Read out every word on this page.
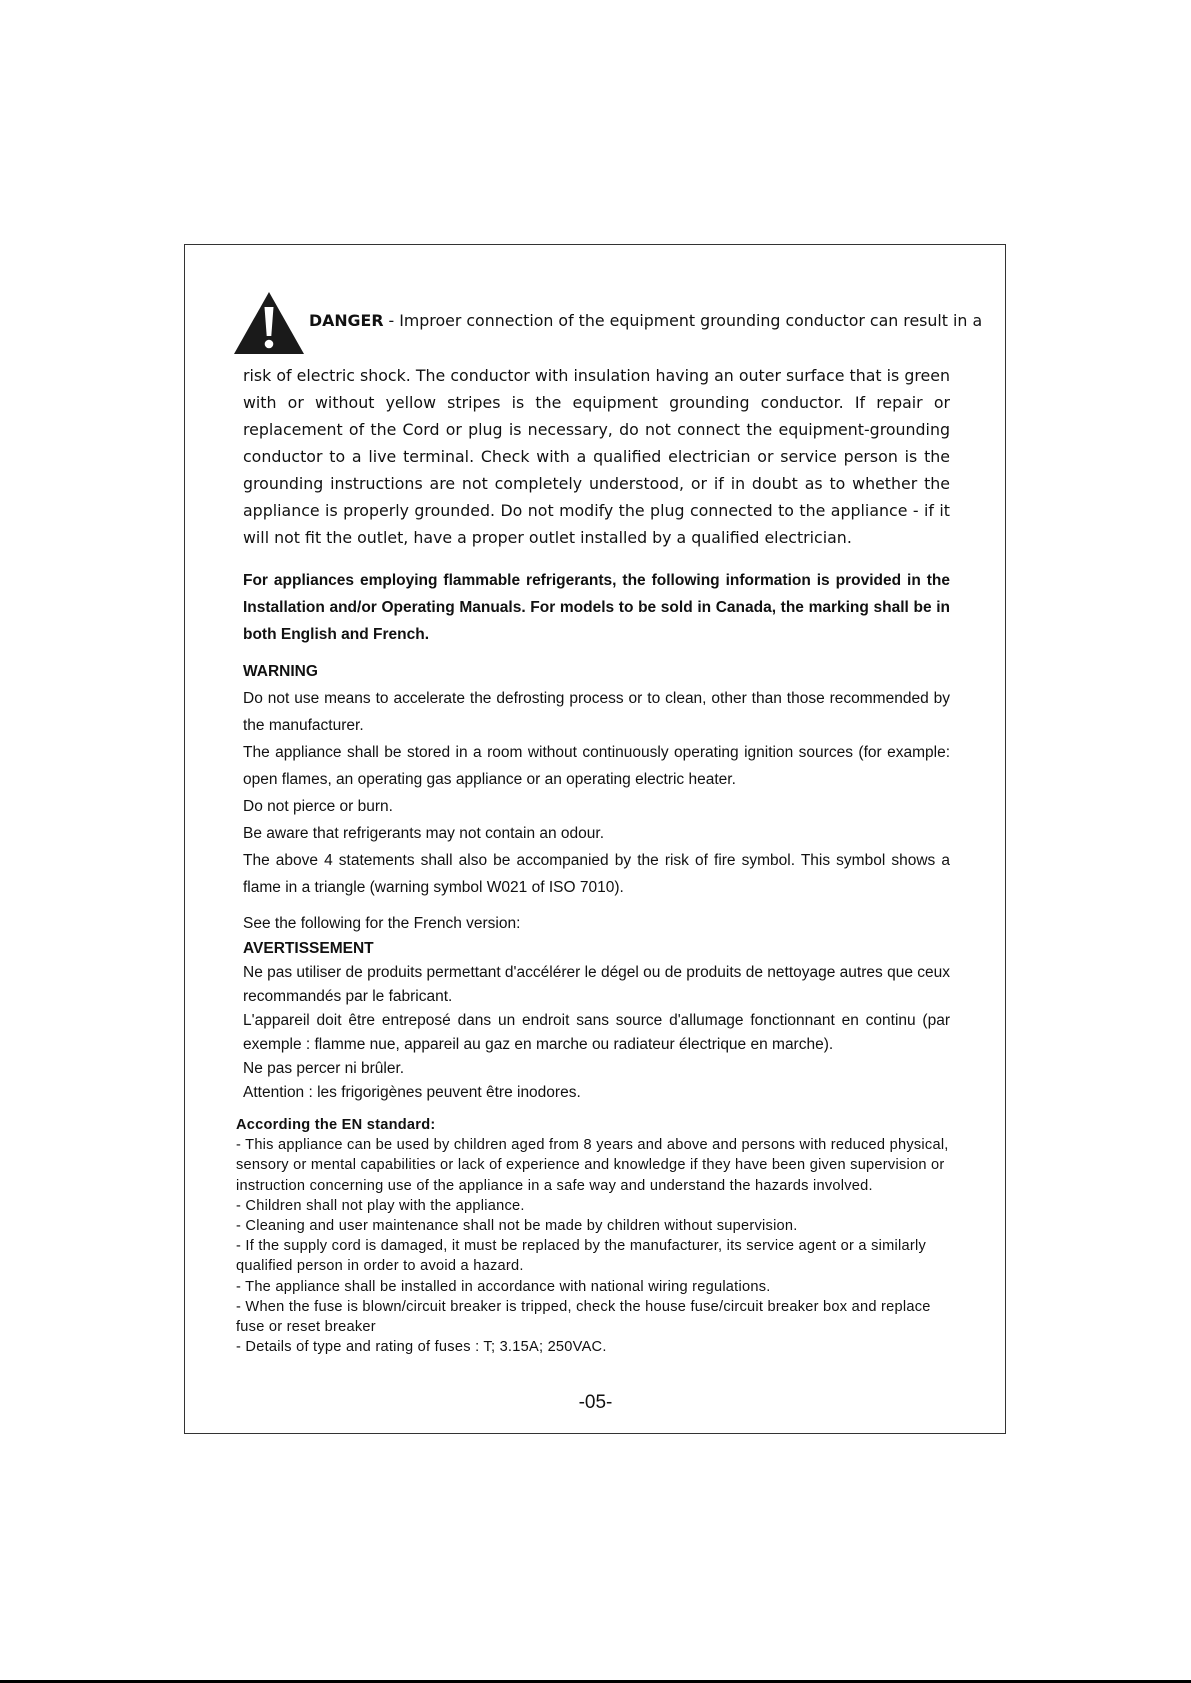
DANGER - Improer connection of the equipment grounding conductor can result in a
risk of electric shock. The conductor with insulation having an outer surface that is green with or without yellow stripes is the equipment grounding conductor. If repair or replacement of the Cord or plug is necessary, do not connect the equipment-grounding conductor to a live terminal. Check with a qualified electrician or service person is the grounding instructions are not completely understood, or if in doubt as to whether the appliance is properly grounded. Do not modify the plug connected to the appliance - if it will not fit the outlet, have a proper outlet installed by a qualified electrician.
For appliances employing flammable refrigerants, the following information is provided in the Installation and/or Operating Manuals. For models to be sold in Canada, the marking shall be in both English and French.
WARNING
Do not use means to accelerate the defrosting process or to clean, other than those recommended by the manufacturer.
The appliance shall be stored in a room without continuously operating ignition sources (for example: open flames, an operating gas appliance or an operating electric heater.
Do not pierce or burn.
Be aware that refrigerants may not contain an odour.
The above 4 statements shall also be accompanied by the risk of fire symbol. This symbol shows a flame in a triangle (warning symbol W021 of ISO 7010).
See the following for the French version:
AVERTISSEMENT
Ne pas utiliser de produits permettant d'accélérer le dégel ou de produits de nettoyage autres que ceux recommandés par le fabricant.
L'appareil doit être entreposé dans un endroit sans source d'allumage fonctionnant en continu (par exemple : flamme nue, appareil au gaz en marche ou radiateur électrique en marche).
Ne pas percer ni brûler.
Attention : les frigorigènes peuvent être inodores.
According the EN standard:
- This appliance can be used by children aged from 8 years and above and persons with reduced physical, sensory or mental capabilities or lack of experience and knowledge if they have been given supervision or instruction concerning use of the appliance in a safe way and understand the hazards involved.
- Children shall not play with the appliance.
- Cleaning and user maintenance shall not be made by children without supervision.
- If the supply cord is damaged, it must be replaced by the manufacturer, its service agent or a similarly qualified person in order to avoid a hazard.
- The appliance shall be installed in accordance with national wiring regulations.
- When the fuse is blown/circuit breaker is tripped, check the house fuse/circuit breaker box and replace fuse or reset breaker
- Details of type and rating of fuses : T; 3.15A; 250VAC.
-05-
